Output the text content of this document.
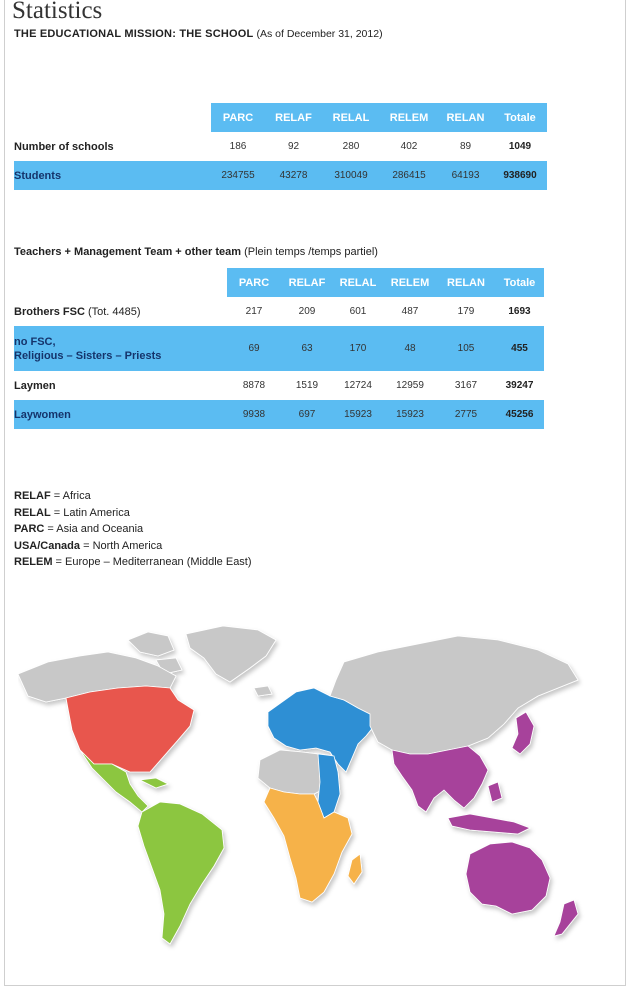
Statistics
THE EDUCATIONAL MISSION: THE SCHOOL (As of December 31, 2012)
	PARC	RELAF	RELAL	RELEM	RELAN	Totale
Number of schools	186	92	280	402	89	1049
Students	234755	43278	310049	286415	64193	938690
Teachers + Management Team + other team (Plein temps /temps partiel)
	PARC	RELAF	RELAL	RELEM	RELAN	Totale
Brothers FSC (Tot. 4485)	217	209	601	487	179	1693
no FSC,
Religious – Sisters – Priests	69	63	170	48	105	455
Laymen	8878	1519	12724	12959	3167	39247
Laywomen	9938	697	15923	15923	2775	45256
RELAF = Africa
RELAL = Latin America
PARC = Asia and Oceania
USA/Canada = North America
RELEM = Europe – Mediterranean (Middle East)
